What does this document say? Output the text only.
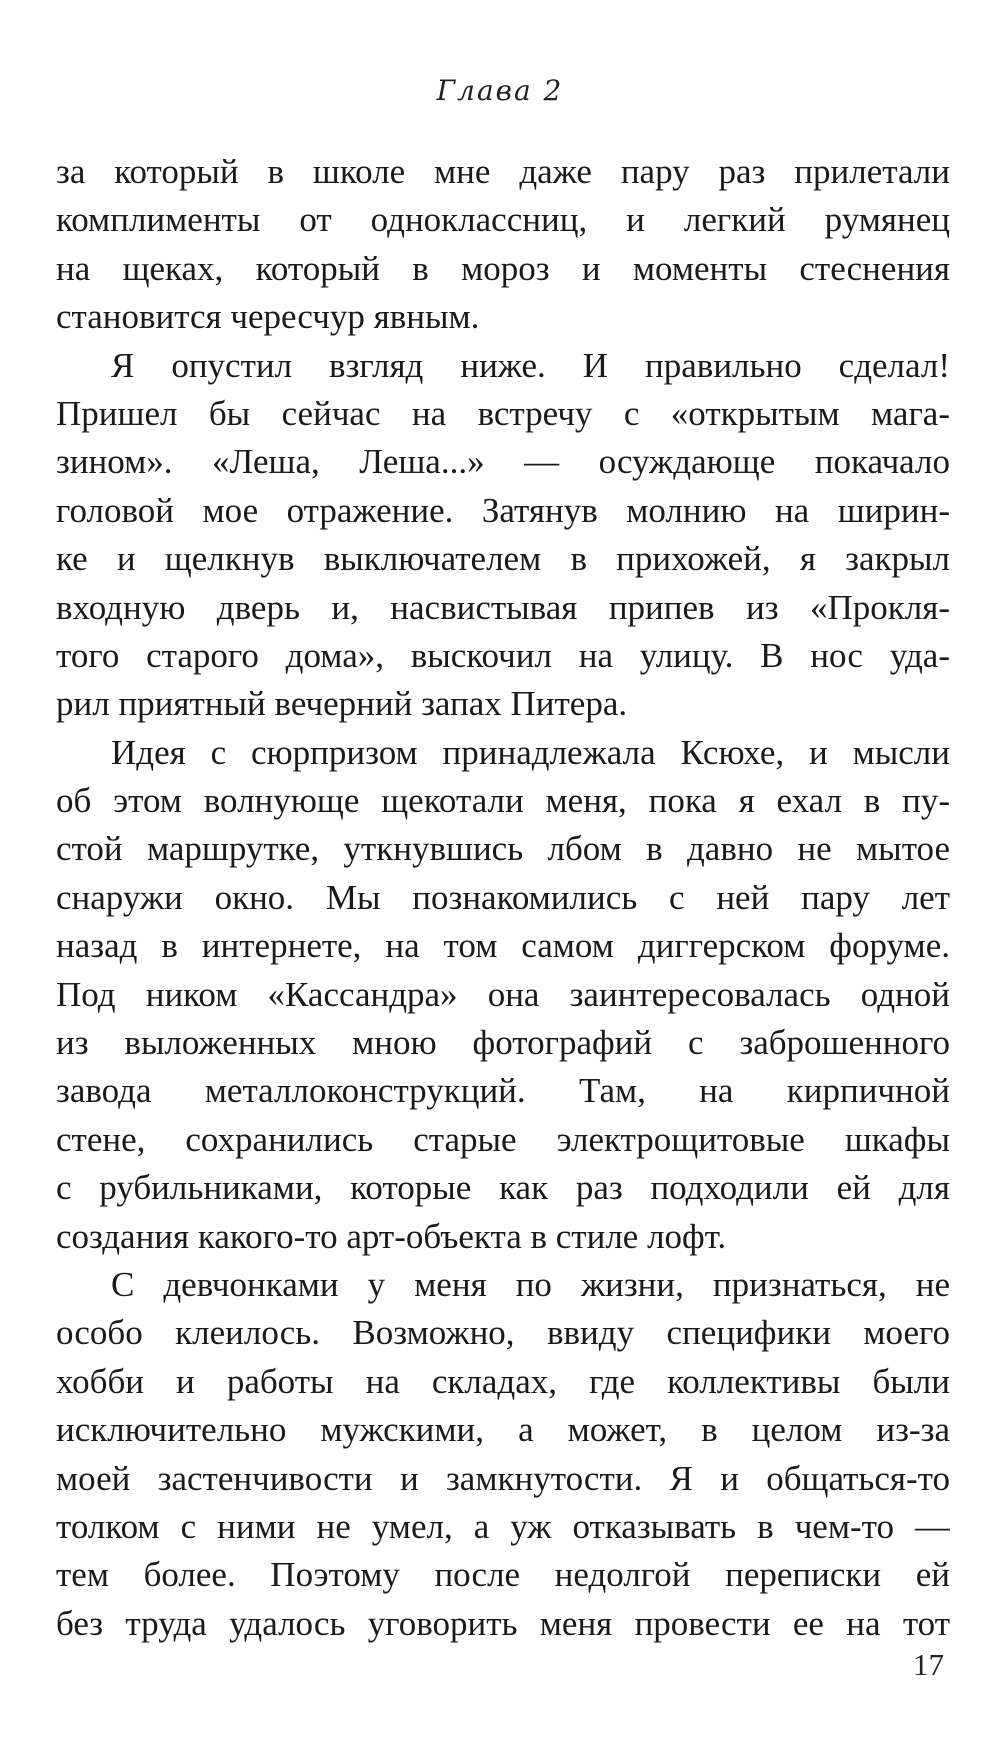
Глава 2
за который в школе мне даже пару раз прилетали
комплименты от одноклассниц, и легкий румянец
на щеках, который в мороз и моменты стеснения
становится чересчур явным.
Я опустил взгляд ниже. И правильно сделал!
Пришел бы сейчас на встречу с «открытым мага-
зином». «Леша, Леша...» — осуждающе покачало
головой мое отражение. Затянув молнию на ширин-
ке и щелкнув выключателем в прихожей, я закрыл
входную дверь и, насвистывая припев из «Прокля-
того старого дома», выскочил на улицу. В нос уда-
рил приятный вечерний запах Питера.
Идея с сюрпризом принадлежала Ксюхе, и мысли
об этом волнующе щекотали меня, пока я ехал в пу-
стой маршрутке, уткнувшись лбом в давно не мытое
снаружи окно. Мы познакомились с ней пару лет
назад в интернете, на том самом диггерском форуме.
Под ником «Кассандра» она заинтересовалась одной
из выложенных мною фотографий с заброшенного
завода металлоконструкций. Там, на кирпичной
стене, сохранились старые электрощитовые шкафы
с рубильниками, которые как раз подходили ей для
создания какого-то арт-объекта в стиле лофт.
С девчонками у меня по жизни, признаться, не
особо клеилось. Возможно, ввиду специфики моего
хобби и работы на складах, где коллективы были
исключительно мужскими, а может, в целом из-за
моей застенчивости и замкнутости. Я и общаться-то
толком с ними не умел, а уж отказывать в чем-то —
тем более. Поэтому после недолгой переписки ей
без труда удалось уговорить меня провести ее на тот
17
